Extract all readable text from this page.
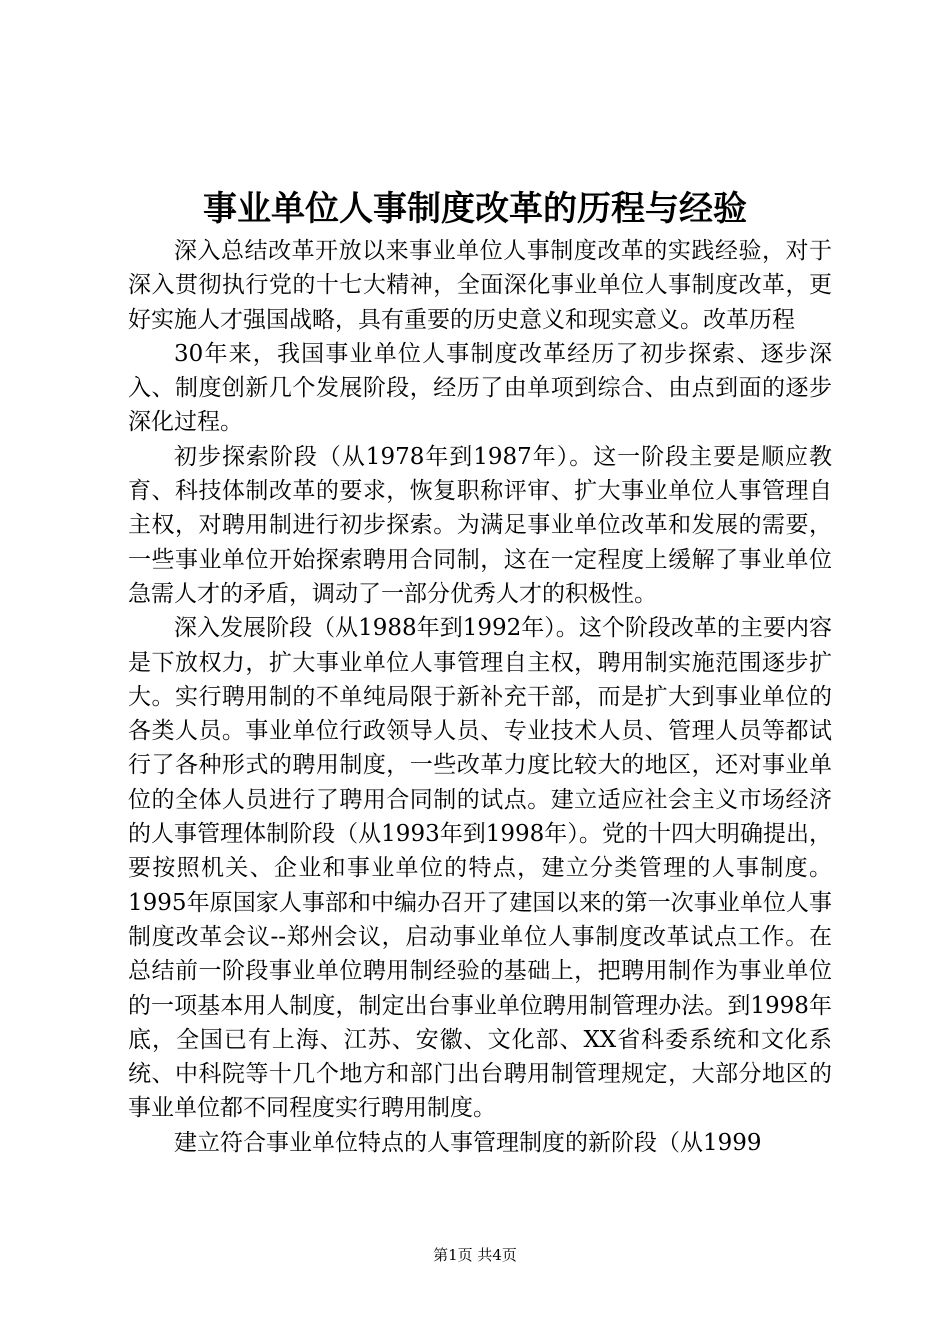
事业单位人事制度改革的历程与经验

深入总结改革开放以来事业单位人事制度改革的实践经验，对于深入贯彻执行党的十七大精神，全面深化事业单位人事制度改革，更好实施人才强国战略，具有重要的历史意义和现实意义。改革历程

30年来，我国事业单位人事制度改革经历了初步探索、逐步深入、制度创新几个发展阶段，经历了由单项到综合、由点到面的逐步深化过程。

初步探索阶段（从1978年到1987年）。这一阶段主要是顺应教育、科技体制改革的要求，恢复职称评审、扩大事业单位人事管理自主权，对聘用制进行初步探索。为满足事业单位改革和发展的需要，一些事业单位开始探索聘用合同制，这在一定程度上缓解了事业单位急需人才的矛盾，调动了一部分优秀人才的积极性。

深入发展阶段（从1988年到1992年）。这个阶段改革的主要内容是下放权力，扩大事业单位人事管理自主权，聘用制实施范围逐步扩大。实行聘用制的不单纯局限于新补充干部，而是扩大到事业单位的各类人员。事业单位行政领导人员、专业技术人员、管理人员等都试行了各种形式的聘用制度，一些改革力度比较大的地区，还对事业单位的全体人员进行了聘用合同制的试点。建立适应社会主义市场经济的人事管理体制阶段（从1993年到1998年）。党的十四大明确提出，要按照机关、企业和事业单位的特点，建立分类管理的人事制度。1995年原国家人事部和中编办召开了建国以来的第一次事业单位人事制度改革会议--郑州会议，启动事业单位人事制度改革试点工作。在总结前一阶段事业单位聘用制经验的基础上，把聘用制作为事业单位的一项基本用人制度，制定出台事业单位聘用制管理办法。到1998年底，全国已有上海、江苏、安徽、文化部、XX省科委系统和文化系统、中科院等十几个地方和部门出台聘用制管理规定，大部分地区的事业单位都不同程度实行聘用制度。

建立符合事业单位特点的人事管理制度的新阶段（从1999

第1页 共4页
